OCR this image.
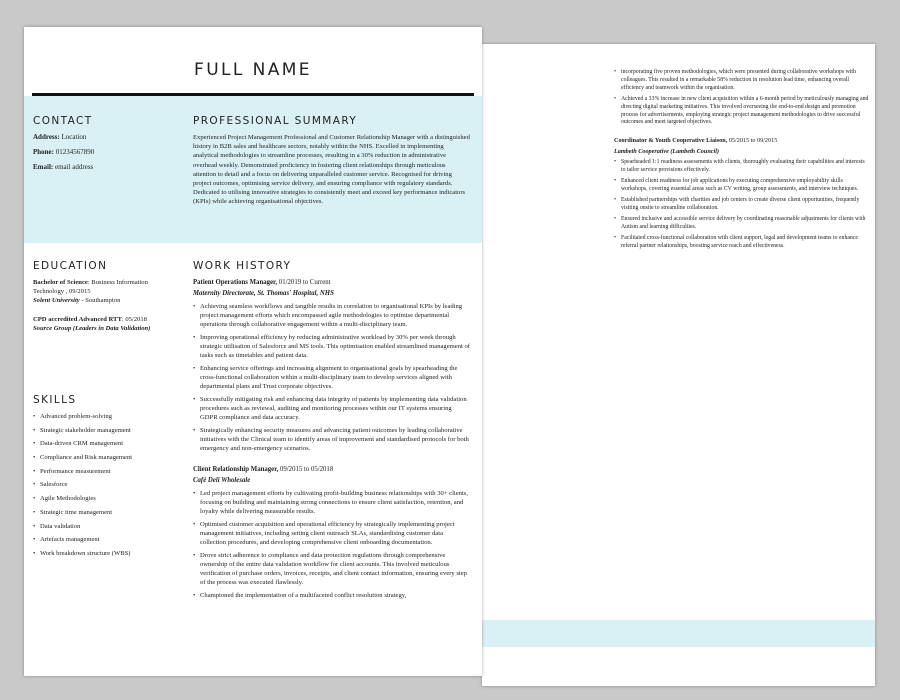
• incorporating five proven methodologies, which were presented during collaborative workshops with colleagues. This resulted in a remarkable 58% reduction in resolution lead time, enhancing overall efficiency and teamwork within the organisation.
• Achieved a 33% increase in new client acquisition within a 6-month period by meticulously managing and directing digital marketing initiatives. This involved overseeing the end-to-end design and promotion process for advertisements, employing strategic project management methodologies to drive successful outcomes and meet targeted objectives.

Coordinator & Youth Cooperative Liaison, 05/2015 to 09/2015

Lambeth Cooperative (Lambeth Council)

• Spearheaded 1:1 readiness assessments with clients, thoroughly evaluating their capabilities and interests to tailor service provisions effectively.
• Enhanced client readiness for job applications by executing comprehensive employability skills workshops, covering essential areas such as CV writing, group assessments, and interview techniques.
• Established partnerships with charities and job centers to create diverse client opportunities, frequently visiting onsite to streamline collaboration.
• Ensured inclusive and accessible service delivery by coordinating reasonable adjustments for clients with Autism and learning difficulties.
• Facilitated cross-functional collaboration with client support, legal and development teams to enhance referral partner relationships, boosting service reach and effectiveness.
FULL NAME
CONTACT
Address: Location
Phone: 01234567890
Email: email address
PROFESSIONAL SUMMARY

Experienced Project Management Professional and Customer Relationship Manager with a distinguished history in B2B sales and healthcare sectors, notably within the NHS. Excelled in implementing analytical methodologies to streamline processes, resulting in a 30% reduction in administrative overhead weekly. Demonstrated proficiency in fostering client relationships through meticulous attention to detail and a focus on delivering unparalleled customer service. Recognised for driving project outcomes, optimising service delivery, and ensuring compliance with regulatory standards. Dedicated to utilising innovative strategies to consistently meet and exceed key performance indicators (KPIs) while achieving organisational objectives.

EDUCATION
Bachelor of Science: Business Information Technology , 09/2015
Solent University - Southampton
CPD accredited Advanced RTT: 05/2018
Source Group (Leaders in Data Validation)
SKILLS
• Advanced problem-solving
• Strategic stakeholder management
• Data-driven CRM management
• Compliance and Risk management
• Performance measurement
• Salesforce
• Agile Methodologies
• Strategic time management
• Data validation
• Artefacts management
• Work breakdown structure (WBS)
WORK HISTORY

Patient Operations Manager, 01/2019 to Current

Maternity Directorate, St. Thomas' Hospital, NHS

• Achieving seamless workflows and tangible results in correlation to organisational KPIs by leading project management efforts which encompassed agile methodologies to optimise departmental operations through collaborative engagement within a multi-disciplinary team.
• Improving operational efficiency by reducing administrative workload by 30% per week through strategic utilisation of Salesforce and MS tools. This optimisation enabled streamlined management of tasks such as timetables and patient data.
• Enhancing service offerings and increasing alignment to organisational goals by spearheading the cross-functional collaboration within a multi-disciplinary team to develop services aligned with departmental plans and Trust corporate objectives.
• Successfully mitigating risk and enhancing data integrity of patients by implementing data validation procedures such as reviewal, auditing and monitoring processes within our IT systems ensuring GDPR compliance and data accuracy.
• Strategically enhancing security measures and advancing patient outcomes by leading collaborative initiatives with the Clinical team to identify areas of improvement and standardised protocols for both emergency and non-emergency scenarios.

Client Relationship Manager, 09/2015 to 05/2018

Café Deli Wholesale

• Led project management efforts by cultivating profit-building business relationships with 30+ clients, focusing on building and maintaining strong connections to ensure client satisfaction, retention, and loyalty while delivering measurable results.
• Optimised customer acquisition and operational efficiency by strategically implementing project management initiatives, including setting client outreach SLAs, standardising customer data collection procedures, and developing comprehensive client onboarding documentation.
• Drove strict adherence to compliance and data protection regulations through comprehensive ownership of the entire data validation workflow for client accounts. This involved meticulous verification of purchase orders, invoices, receipts, and client contact information, ensuring every step of the process was executed flawlessly.
• Championed the implementation of a multifaceted conflict resolution strategy,
